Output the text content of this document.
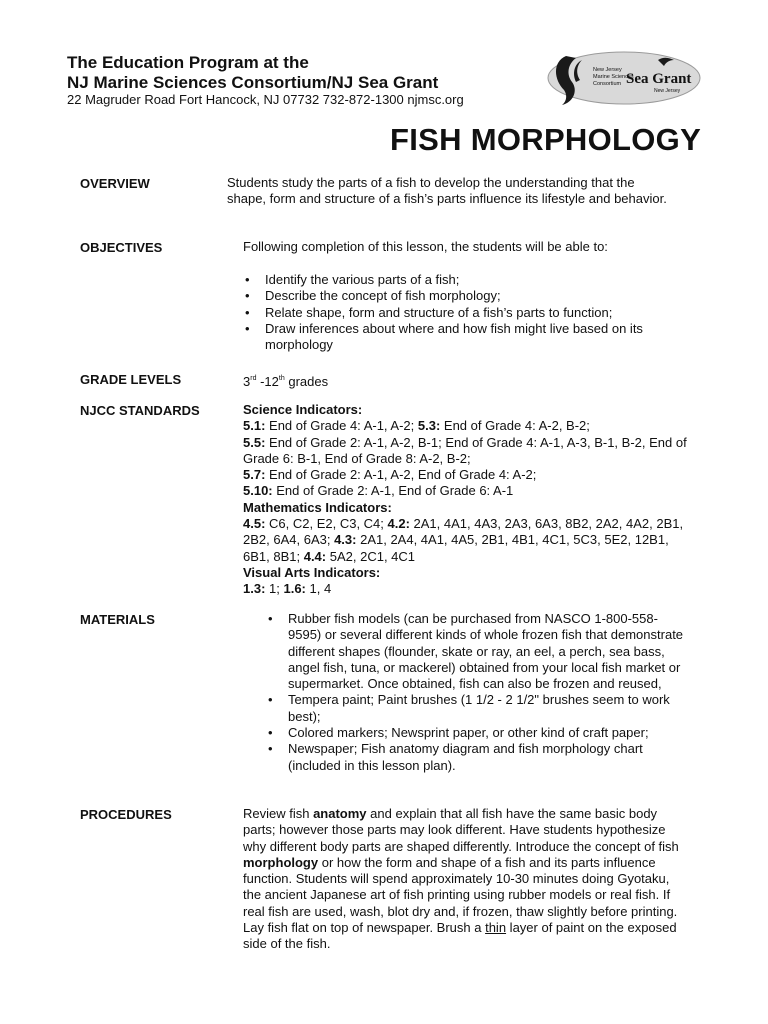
The Education Program at the
NJ Marine Sciences Consortium/NJ Sea Grant
22 Magruder Road Fort Hancock, NJ 07732 732-872-1300 njmsc.org
New Jersey
Marine Sciences
Consortium Sea Grant
New Jersey
FISH MORPHOLOGY
OVERVIEW	Students study the parts of a fish to develop the understanding that the shape, form and structure of a fish’s parts influence its lifestyle and behavior.
OBJECTIVES	Following completion of this lesson, the students will be able to:
• Identify the various parts of a fish;
• Describe the concept of fish morphology;
• Relate shape, form and structure of a fish’s parts to function;
• Draw inferences about where and how fish might live based on its morphology
GRADE LEVELS	3rd -12th grades
NJCC STANDARDS	Science Indicators:
5.1: End of Grade 4: A-1, A-2; 5.3: End of Grade 4: A-2, B-2;
5.5: End of Grade 2: A-1, A-2, B-1; End of Grade 4: A-1, A-3, B-1, B-2, End of Grade 6: B-1, End of Grade 8: A-2, B-2;
5.7: End of Grade 2: A-1, A-2, End of Grade 4: A-2;
5.10: End of Grade 2: A-1, End of Grade 6: A-1
Mathematics Indicators:
4.5: C6, C2, E2, C3, C4; 4.2: 2A1, 4A1, 4A3, 2A3, 6A3, 8B2, 2A2, 4A2, 2B1, 2B2, 6A4, 6A3; 4.3: 2A1, 2A4, 4A1, 4A5, 2B1, 4B1, 4C1, 5C3, 5E2, 12B1, 6B1, 8B1; 4.4: 5A2, 2C1, 4C1
Visual Arts Indicators:
1.3: 1; 1.6: 1, 4
MATERIALS
•	Rubber fish models (can be purchased from NASCO 1-800-558-9595) or several different kinds of whole frozen fish that demonstrate different shapes (flounder, skate or ray, an eel, a perch, sea bass, angel fish, tuna, or mackerel) obtained from your local fish market or supermarket. Once obtained, fish can also be frozen and reused,
• Tempera paint; Paint brushes (1 1/2 - 2 1/2" brushes seem to work best);
• Colored markers; Newsprint paper, or other kind of craft paper;
• Newspaper; Fish anatomy diagram and fish morphology chart (included in this lesson plan).
PROCEDURES	Review fish anatomy and explain that all fish have the same basic body parts; however those parts may look different. Have students hypothesize why different body parts are shaped differently. Introduce the concept of fish morphology or how the form and shape of a fish and its parts influence function. Students will spend approximately 10-30 minutes doing Gyotaku, the ancient Japanese art of fish printing using rubber models or real fish. If real fish are used, wash, blot dry and, if frozen, thaw slightly before printing. Lay fish flat on top of newspaper. Brush a thin layer of paint on the exposed side of the fish.
